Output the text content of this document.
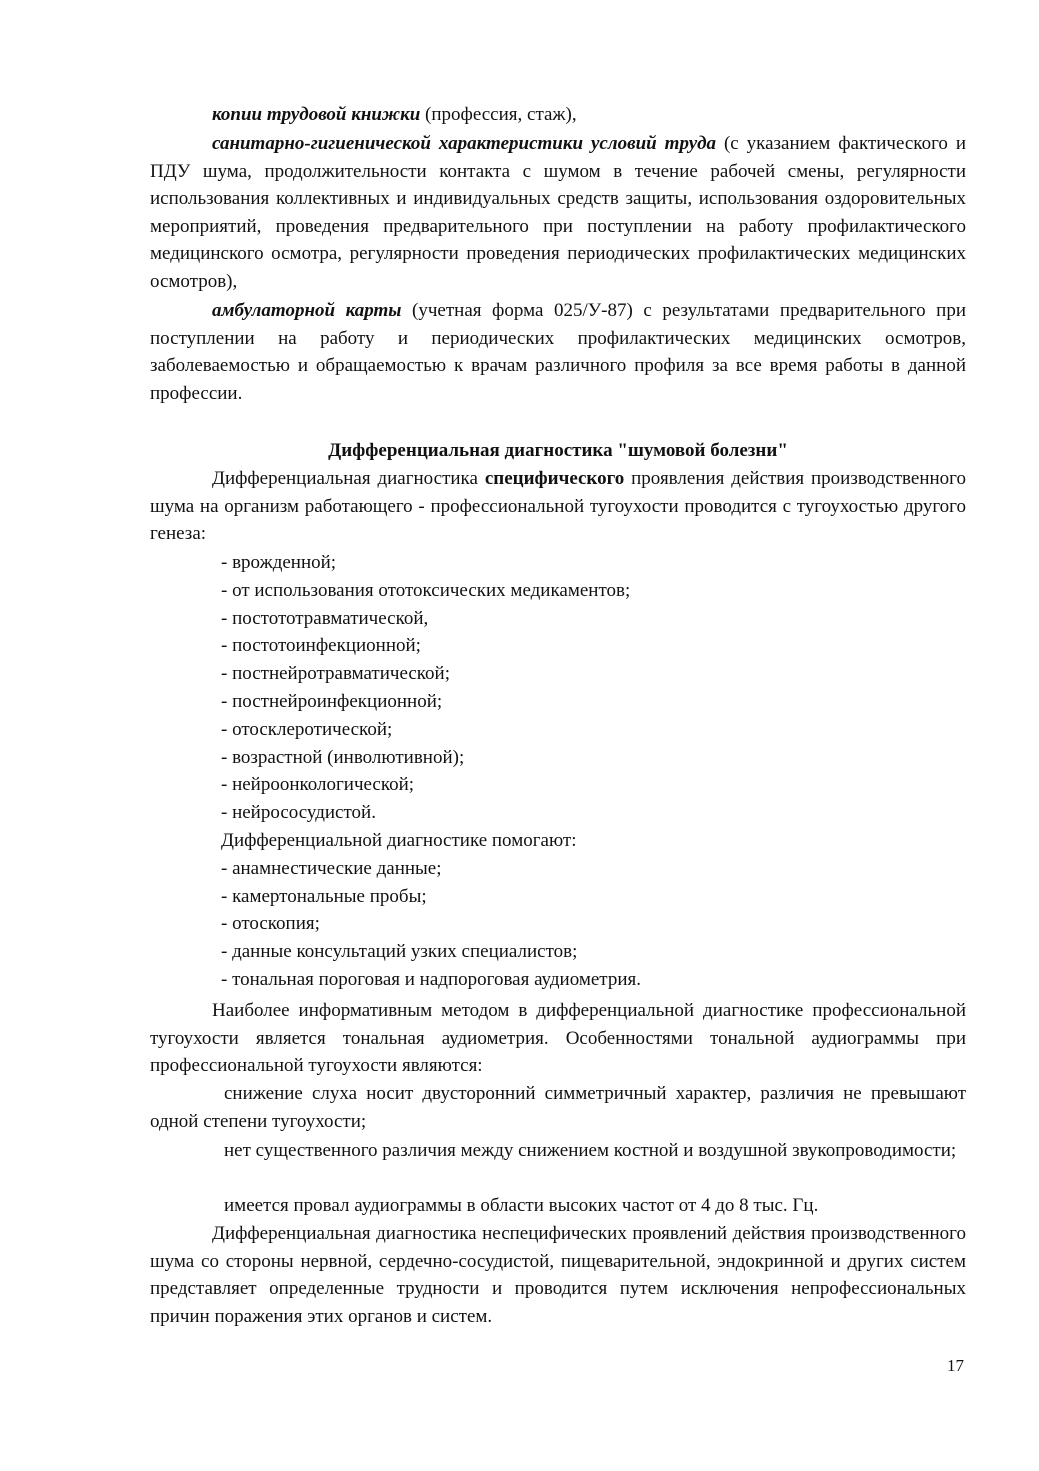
копии трудовой книжки (профессия, стаж),

санитарно-гигиенической характеристики условий труда (с указанием фактического и ПДУ шума, продолжительности контакта с шумом в течение рабочей смены, регулярности использования коллективных и индивидуальных средств защиты, использования оздоровительных мероприятий, проведения предварительного при поступлении на работу профилактического медицинского осмотра, регулярности проведения периодических профилактических медицинских осмотров),

амбулаторной карты (учетная форма 025/У-87) с результатами предварительного при поступлении на работу и периодических профилактических медицинских осмотров, заболеваемостью и обращаемостью к врачам различного профиля за все время работы в данной профессии.

Дифференциальная диагностика "шумовой болезни"

Дифференциальная диагностика специфического проявления действия производственного шума на организм работающего - профессиональной тугоухости проводится с тугоухостью другого генеза:

- врожденной;
- от использования ототоксических медикаментов;
- постототравматической,
- постотоинфекционной;
- постнейротравматической;
- постнейроинфекционной;
- отосклеротической;
- возрастной (инволютивной);
- нейроонкологической;
- нейрососудистой.
Дифференциальной диагностике помогают:
- анамнестические данные;
- камертональные пробы;
- отоскопия;
- данные консультаций узких специалистов;
- тональная пороговая и надпороговая аудиометрия.

Наиболее информативным методом в дифференциальной диагностике профессиональной тугоухости является тональная аудиометрия. Особенностями тональной аудиограммы при профессиональной тугоухости являются:

снижение слуха носит двусторонний симметричный характер, различия не превышают одной степени тугоухости;

нет существенного различия между снижением костной и воздушной звукопроводимости;

имеется провал аудиограммы в области высоких частот от 4 до 8 тыс. Гц.

Дифференциальная диагностика неспецифических проявлений действия производственного шума со стороны нервной, сердечно-сосудистой, пищеварительной, эндокринной и других систем представляет определенные трудности и проводится путем исключения непрофессиональных причин поражения этих органов и систем.

17
